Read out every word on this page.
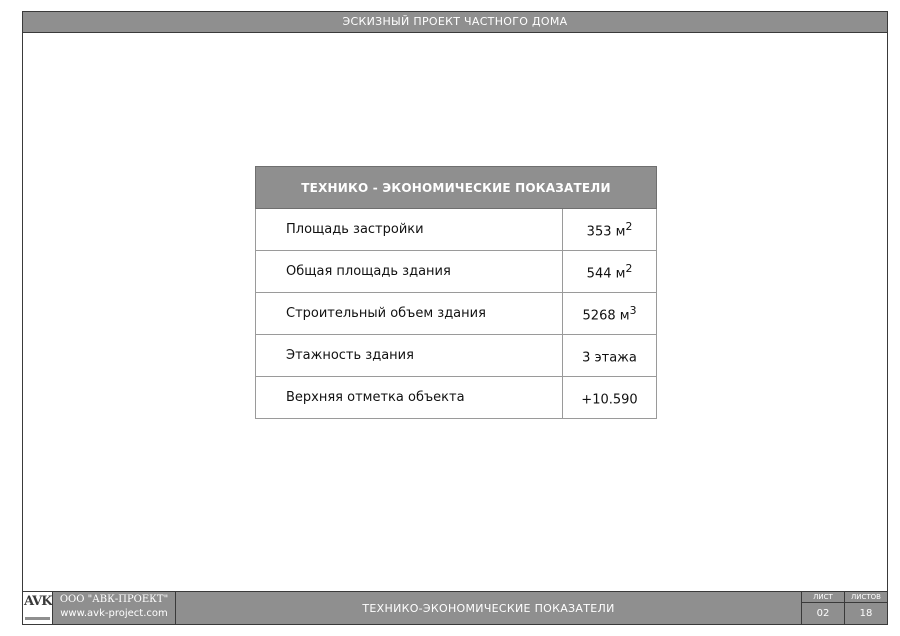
ЭСКИЗНЫЙ ПРОЕКТ ЧАСТНОГО ДОМА
ТЕХНИКО - ЭКОНОМИЧЕСКИЕ ПОКАЗАТЕЛИ	
Площадь застройки	353 $м^2$
Общая площадь здания	544 $м^2$
Строительный объем здания	5268 $м^3$
Этажность здания	3 этажа
Верхняя отметка объекта	+10.590
AVK ООО "АВК-ПРОЕКТ"
www.avk-project.com	ТЕХНИКО-ЭКОНОМИЧЕСКИЕ ПОКАЗАТЕЛИ
ЛИСТ
02
ЛИСТОВ
18
